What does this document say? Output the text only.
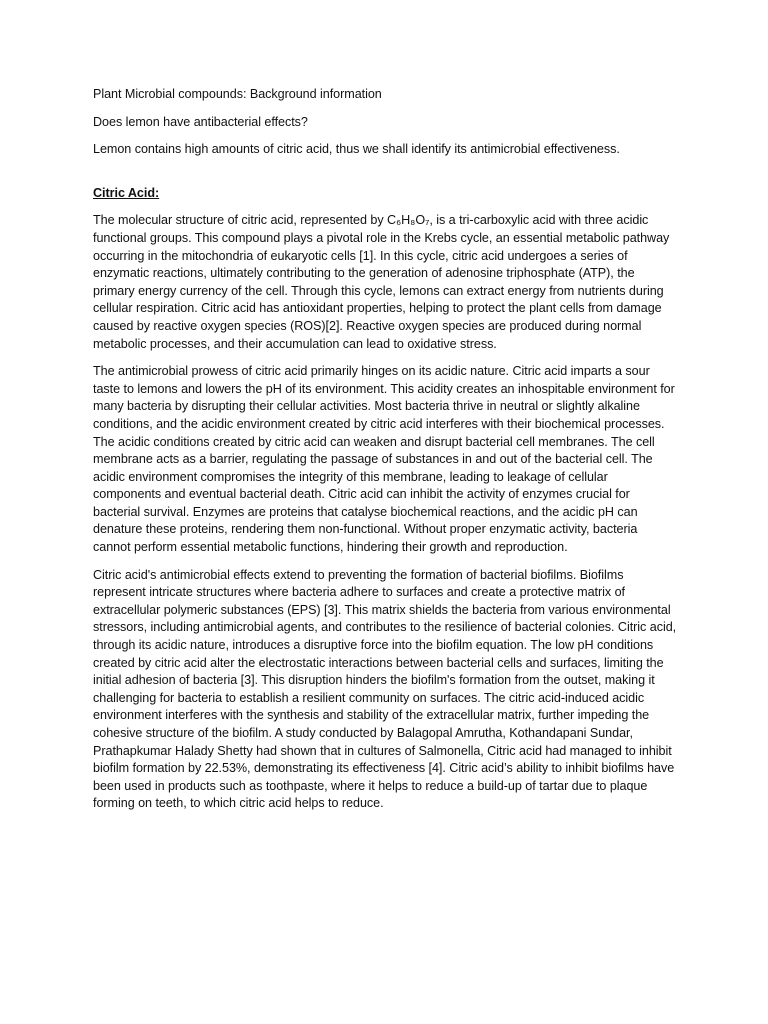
Plant Microbial compounds: Background information

Does lemon have antibacterial effects?

Lemon contains high amounts of citric acid, thus we shall identify its antimicrobial effectiveness.

Citric Acid:

The molecular structure of citric acid, represented by C₆H₈O₇, is a tri-carboxylic acid with three acidic functional groups. This compound plays a pivotal role in the Krebs cycle, an essential metabolic pathway occurring in the mitochondria of eukaryotic cells [1]. In this cycle, citric acid undergoes a series of enzymatic reactions, ultimately contributing to the generation of adenosine triphosphate (ATP), the primary energy currency of the cell. Through this cycle, lemons can extract energy from nutrients during cellular respiration. Citric acid has antioxidant properties, helping to protect the plant cells from damage caused by reactive oxygen species (ROS)[2]. Reactive oxygen species are produced during normal metabolic processes, and their accumulation can lead to oxidative stress.

The antimicrobial prowess of citric acid primarily hinges on its acidic nature. Citric acid imparts a sour taste to lemons and lowers the pH of its environment. This acidity creates an inhospitable environment for many bacteria by disrupting their cellular activities. Most bacteria thrive in neutral or slightly alkaline conditions, and the acidic environment created by citric acid interferes with their biochemical processes. The acidic conditions created by citric acid can weaken and disrupt bacterial cell membranes. The cell membrane acts as a barrier, regulating the passage of substances in and out of the bacterial cell. The acidic environment compromises the integrity of this membrane, leading to leakage of cellular components and eventual bacterial death. Citric acid can inhibit the activity of enzymes crucial for bacterial survival. Enzymes are proteins that catalyse biochemical reactions, and the acidic pH can denature these proteins, rendering them non-functional. Without proper enzymatic activity, bacteria cannot perform essential metabolic functions, hindering their growth and reproduction.

Citric acid's antimicrobial effects extend to preventing the formation of bacterial biofilms. Biofilms represent intricate structures where bacteria adhere to surfaces and create a protective matrix of extracellular polymeric substances (EPS) [3]. This matrix shields the bacteria from various environmental stressors, including antimicrobial agents, and contributes to the resilience of bacterial colonies. Citric acid, through its acidic nature, introduces a disruptive force into the biofilm equation. The low pH conditions created by citric acid alter the electrostatic interactions between bacterial cells and surfaces, limiting the initial adhesion of bacteria [3]. This disruption hinders the biofilm's formation from the outset, making it challenging for bacteria to establish a resilient community on surfaces. The citric acid-induced acidic environment interferes with the synthesis and stability of the extracellular matrix, further impeding the cohesive structure of the biofilm. A study conducted by Balagopal Amrutha, Kothandapani Sundar, Prathapkumar Halady Shetty had shown that in cultures of Salmonella, Citric acid had managed to inhibit biofilm formation by 22.53%, demonstrating its effectiveness [4]. Citric acid’s ability to inhibit biofilms have been used in products such as toothpaste, where it helps to reduce a build-up of tartar due to plaque forming on teeth, to which citric acid helps to reduce.
